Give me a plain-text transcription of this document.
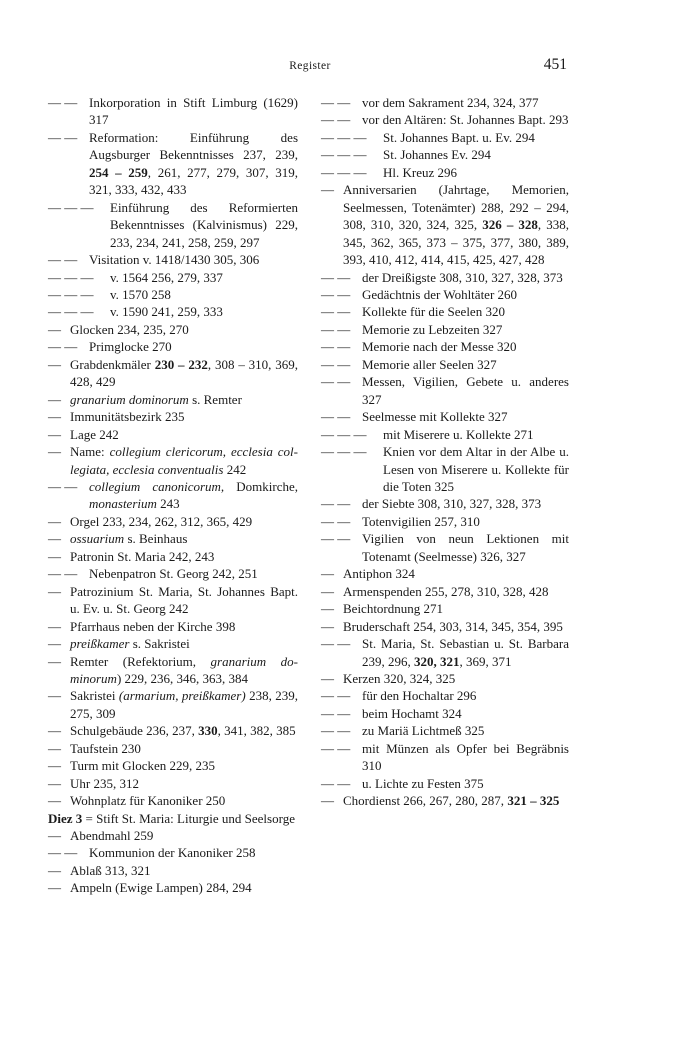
Register	451
— — Inkorporation in Stift Limburg (1629) 317
— — Reformation: Einführung des Augsburger Bekenntnisses 237, 239, 254 – 259, 261, 277, 279, 307, 319, 321, 333, 432, 433
— — — Einführung des Reformierten Bekenntnisses (Kalvinismus) 229, 233, 234, 241, 258, 259, 297
— — Visitation v. 1418/1430 305, 306
— — — v. 1564 256, 279, 337
— — — v. 1570 258
— — — v. 1590 241, 259, 333
— Glocken 234, 235, 270
— — Primglocke 270
— Grabdenkmäler 230 – 232, 308 – 310, 369, 428, 429
— granarium dominorum s. Remter
— Immunitätsbezirk 235
— Lage 242
— Name: collegium clericorum, ecclesia collegiata, ecclesia conventualis 242
— — collegium canonicorum, Domkirche, monasterium 243
— Orgel 233, 234, 262, 312, 365, 429
— ossuarium s. Beinhaus
— Patronin St. Maria 242, 243
— — Nebenpatron St. Georg 242, 251
— Patrozinium St. Maria, St. Johannes Bapt. u. Ev. u. St. Georg 242
— Pfarrhaus neben der Kirche 398
— preißkamer s. Sakristei
— Remter (Refektorium, granarium dominorum) 229, 236, 346, 363, 384
— Sakristei (armarium, preißkamer) 238, 239, 275, 309
— Schulgebäude 236, 237, 330, 341, 382, 385
— Taufstein 230
— Turm mit Glocken 229, 235
— Uhr 235, 312
— Wohnplatz für Kanoniker 250
Diez 3 = Stift St. Maria: Liturgie und Seelsorge
— Abendmahl 259
— — Kommunion der Kanoniker 258
— Ablaß 313, 321
— Ampeln (Ewige Lampen) 284, 294
— — vor dem Sakrament 234, 324, 377
— — vor den Altären: St. Johannes Bapt. 293
— — — St. Johannes Bapt. u. Ev. 294
— — — St. Johannes Ev. 294
— — — Hl. Kreuz 296
— Anniversarien (Jahrtage, Memorien, Seelmessen, Totenämter) 288, 292 – 294, 308, 310, 320, 324, 325, 326 – 328, 338, 345, 362, 365, 373 – 375, 377, 380, 389, 393, 410, 412, 414, 415, 425, 427, 428
— — der Dreißigste 308, 310, 327, 328, 373
— — Gedächtnis der Wohltäter 260
— — Kollekte für die Seelen 320
— — Memorie zu Lebzeiten 327
— — Memorie nach der Messe 320
— — Memorie aller Seelen 327
— — Messen, Vigilien, Gebete u. anderes 327
— — Seelmesse mit Kollekte 327
— — — mit Miserere u. Kollekte 271
— — — Knien vor dem Altar in der Albe u. Lesen von Miserere u. Kollekte für die Toten 325
— — der Siebte 308, 310, 327, 328, 373
— — Totenvigilien 257, 310
— — Vigilien von neun Lektionen mit Totenamt (Seelmesse) 326, 327
— Antiphon 324
— Armenspenden 255, 278, 310, 328, 428
— Beichtordnung 271
— Bruderschaft 254, 303, 314, 345, 354, 395
— — St. Maria, St. Sebastian u. St. Barbara 239, 296, 320, 321, 369, 371
— Kerzen 320, 324, 325
— — für den Hochaltar 296
— — beim Hochamt 324
— — zu Mariä Lichtmeß 325
— — mit Münzen als Opfer bei Begräbnis 310
— — u. Lichte zu Festen 375
— Chordienst 266, 267, 280, 287, 321 – 325
